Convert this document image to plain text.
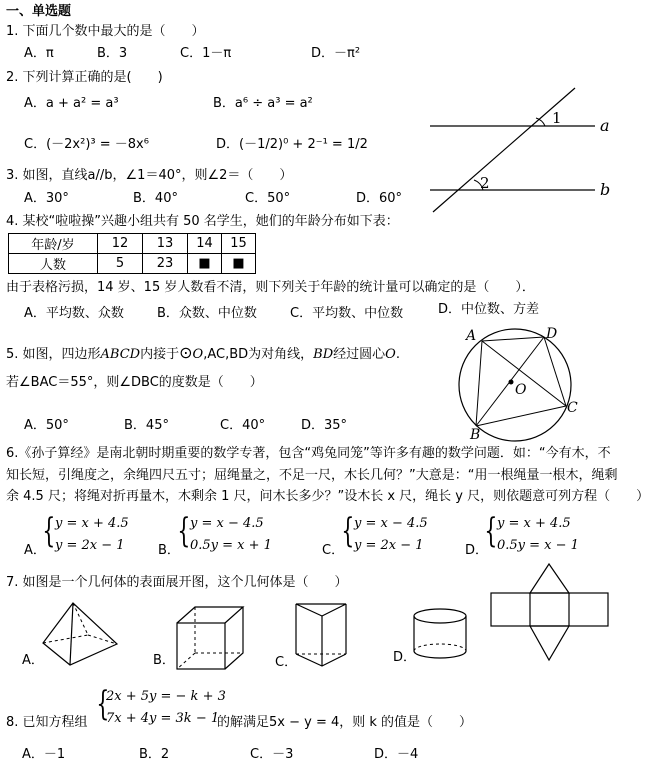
一、单选题
1. 下面几个数中最大的是（　　）
A．π	B．3	C．1－π	D．－π²
2. 下列计算正确的是(　　)
A．a + a² = a³	B．a⁶ ÷ a³ = a²
C．(－2x²)³ = －8x⁶	D．(－1/2)⁰ + 2⁻¹ = 1/2
1
2
a
b
3. 如图，直线a//b，∠1＝40°，则∠2＝（　　）
A．30°	B．40°	C．50°	D．60°
4. 某校“啦啦操”兴趣小组共有 50 名学生，她们的年龄分布如下表：
年龄/岁	12	13	14	15
人数	5	23	■	■
由于表格污损，14 岁、15 岁人数看不清，则下列关于年龄的统计量可以确定的是（　　）．
A．平均数、众数	B．众数、中位数	C．平均数、中位数	D．中位数、方差
5. 如图，四边形ABCD内接于⊙O,AC,BD为对角线，BD经过圆心O.
若∠BAC＝55°，则∠DBC的度数是（　　）
A．50°	B．45°	C．40°	D．35°
A	D
C
B
O
6.《孙子算经》是南北朝时期重要的数学专著，包含“鸡兔同笼”等许多有趣的数学问题．如：“今有木，不
知长短，引绳度之，余绳四尺五寸；屈绳量之，不足一尺，木长几何？”大意是：“用一根绳量一根木，绳剩
余 4.5 尺；将绳对折再量木，木剩余 1 尺，问木长多少？”设木长 x 尺，绳长 y 尺，则依题意可列方程（　　）
A．
{ y = x + 4.5
y = 2x − 1	B．
{ y = x − 4.5
0.5y = x + 1	C．
{ y = x − 4.5
y = 2x − 1	D．
{ y = x + 4.5
0.5y = x − 1
7. 如图是一个几何体的表面展开图，这个几何体是（　　）
A．	B．	C．	D．
8. 已知方程组 {
2x + 5y = − k + 3
7x + 4y = 3k − 1
的解满足5x − y = 4，则 k 的值是（　　）
A．－1	B．2	C．－3	D．－4
